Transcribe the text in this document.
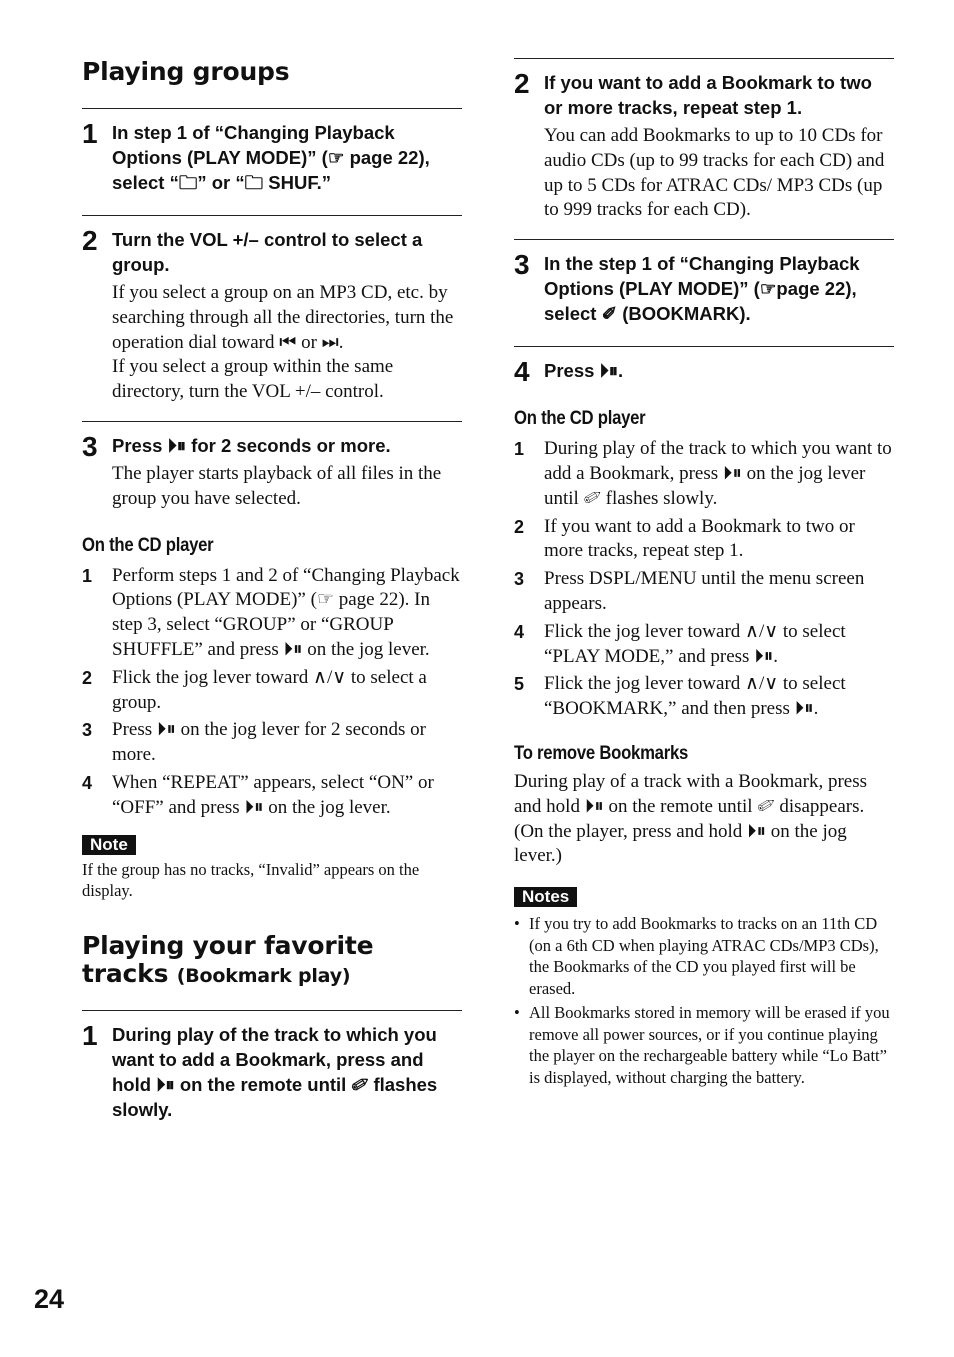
Playing groups
1 In step 1 of “Changing Playback Options (PLAY MODE)” (☞ page 22), select “🗀” or “🗀 SHUF.”

2 Turn the VOL +/– control to select a group.

If you select a group on an MP3 CD, etc. by searching through all the directories, turn the operation dial toward ⏮ or ⏭.

If you select a group within the same directory, turn the VOL +/– control.

3 Press ⏵⏸ for 2 seconds or more.

The player starts playback of all files in the group you have selected.

On the CD player

1 Perform steps 1 and 2 of “Changing Playback Options (PLAY MODE)” (☞ page 22). In step 3, select “GROUP” or “GROUP SHUFFLE” and press ⏵⏸ on the jog lever.
2 Flick the jog lever toward ∧/∨ to select a group.
3 Press ⏵⏸ on the jog lever for 2 seconds or more.
4 When “REPEAT” appears, select “ON” or “OFF” and press ⏵⏸ on the jog lever.
Note

If the group has no tracks, “Invalid” appears on the display.

Playing your favorite tracks (Bookmark play)
1 During play of the track to which you want to add a Bookmark, press and hold ⏵⏸ on the remote until ✐ flashes slowly.

2 If you want to add a Bookmark to two or more tracks, repeat step 1.

You can add Bookmarks to up to 10 CDs for audio CDs (up to 99 tracks for each CD) and up to 5 CDs for ATRAC CDs/ MP3 CDs (up to 999 tracks for each CD).

3 In the step 1 of “Changing Playback Options (PLAY MODE)” (☞page 22), select ✐ (BOOKMARK).

4 Press ⏵⏸.

On the CD player

1 During play of the track to which you want to add a Bookmark, press ⏵⏸ on the jog lever until ✐ flashes slowly.
2 If you want to add a Bookmark to two or more tracks, repeat step 1.
3 Press DSPL/MENU until the menu screen appears.
4 Flick the jog lever toward ∧/∨ to select “PLAY MODE,” and press ⏵⏸.
5 Flick the jog lever toward ∧/∨ to select “BOOKMARK,” and then press ⏵⏸.

To remove Bookmarks

During play of a track with a Bookmark, press and hold ⏵⏸ on the remote until ✐ disappears. (On the player, press and hold ⏵⏸ on the jog lever.)

Notes
• If you try to add Bookmarks to tracks on an 11th CD (on a 6th CD when playing ATRAC CDs/MP3 CDs), the Bookmarks of the CD you played first will be erased.
• All Bookmarks stored in memory will be erased if you remove all power sources, or if you continue playing the player on the rechargeable battery while “Lo Batt” is displayed, without charging the battery.
24
